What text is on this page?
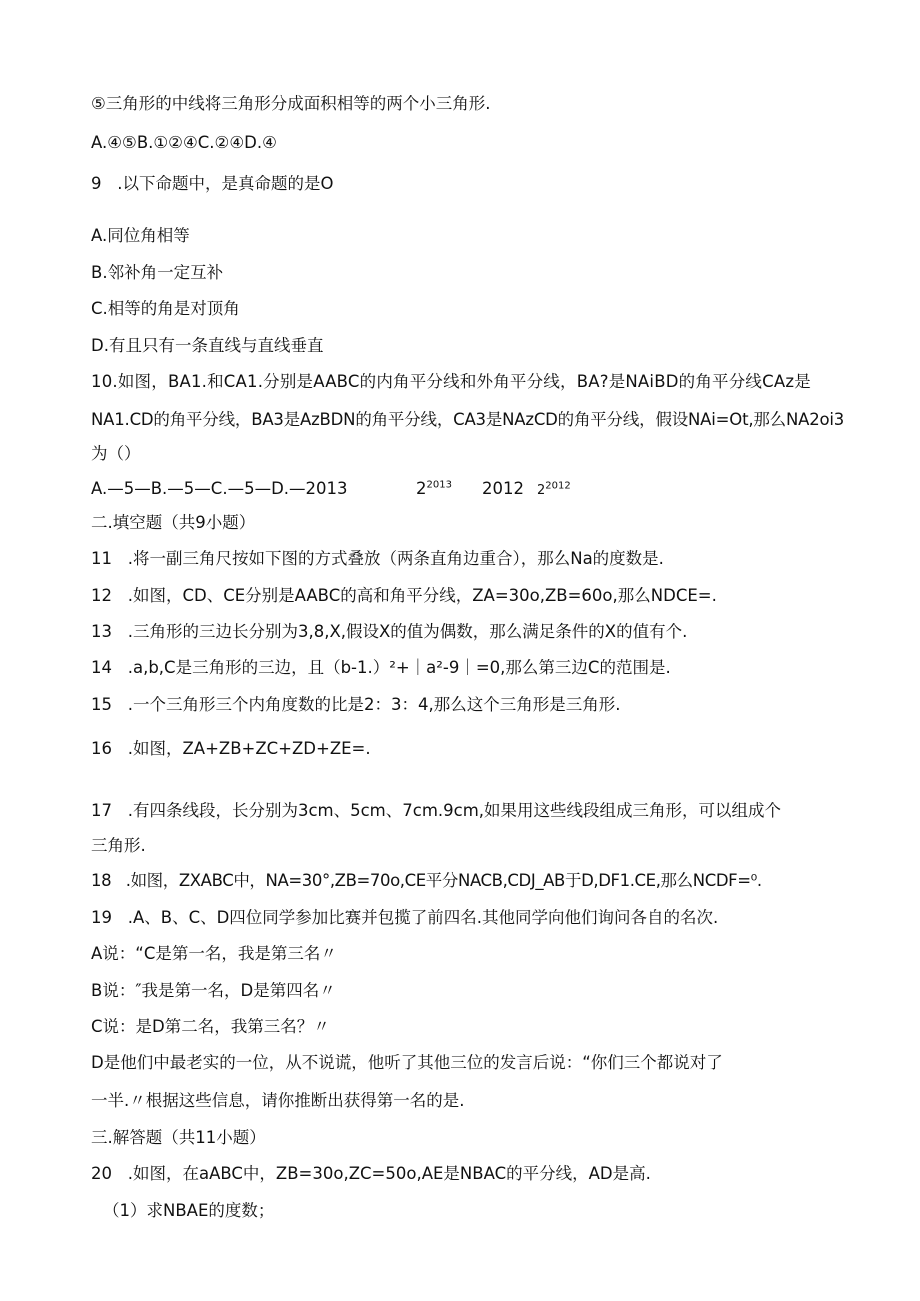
⑤三角形的中线将三角形分成面积相等的两个小三角形.
A.④⑤B.①②④C.②④D.④
9   .以下命题中，是真命题的是O
A.同位角相等
B.邻补角一定互补
C.相等的角是对顶角
D.有且只有一条直线与直线垂直
10.如图，BA1.和CA1.分别是AABC的内角平分线和外角平分线，BA?是NAiBD的角平分线CAz是
NA1.CD的角平分线，BA3是AzBDN的角平分线，CA3是NAzCD的角平分线，假设NAi=Ot,那么NA2oi3
为（）
A.—5—B.—5—C.—5—D.—2013	$2^{2013}$ 2012 $2^{2012}$
二.填空题（共9小题）
11   .将一副三角尺按如下图的方式叠放（两条直角边重合），那么Na的度数是.
12   .如图，CD、CE分别是AABC的高和角平分线，ZA=30o,ZB=60o,那么NDCE=.
13   .三角形的三边长分别为3,8,X,假设X的值为偶数，那么满足条件的X的值有个.
14   .a,b,C是三角形的三边，且（b-1.）²+｜a²-9｜=0,那么第三边C的范围是.
15   .一个三角形三个内角度数的比是2：3：4,那么这个三角形是三角形.
16   .如图，ZA+ZB+ZC+ZD+ZE=.
17   .有四条线段，长分别为3cm、5cm、7cm.9cm,如果用这些线段组成三角形，可以组成个
三角形.
18   .如图，ZXABC中，NA=30°,ZB=70o,CE平分NACB,CDJ_AB于D,DF1.CE,那么NCDF=⁰.
19   .A、B、C、D四位同学参加比赛并包揽了前四名.其他同学向他们询问各自的名次.
A说：“C是第一名，我是第三名〃
B说：″我是第一名，D是第四名〃
C说：是D第二名，我第三名？〃
D是他们中最老实的一位，从不说谎，他听了其他三位的发言后说：“你们三个都说对了
一半.〃根据这些信息，请你推断出获得第一名的是.
三.解答题（共11小题）
20   .如图，在aABC中，ZB=30o,ZC=50o,AE是NBAC的平分线，AD是高.
（1）求NBAE的度数；
